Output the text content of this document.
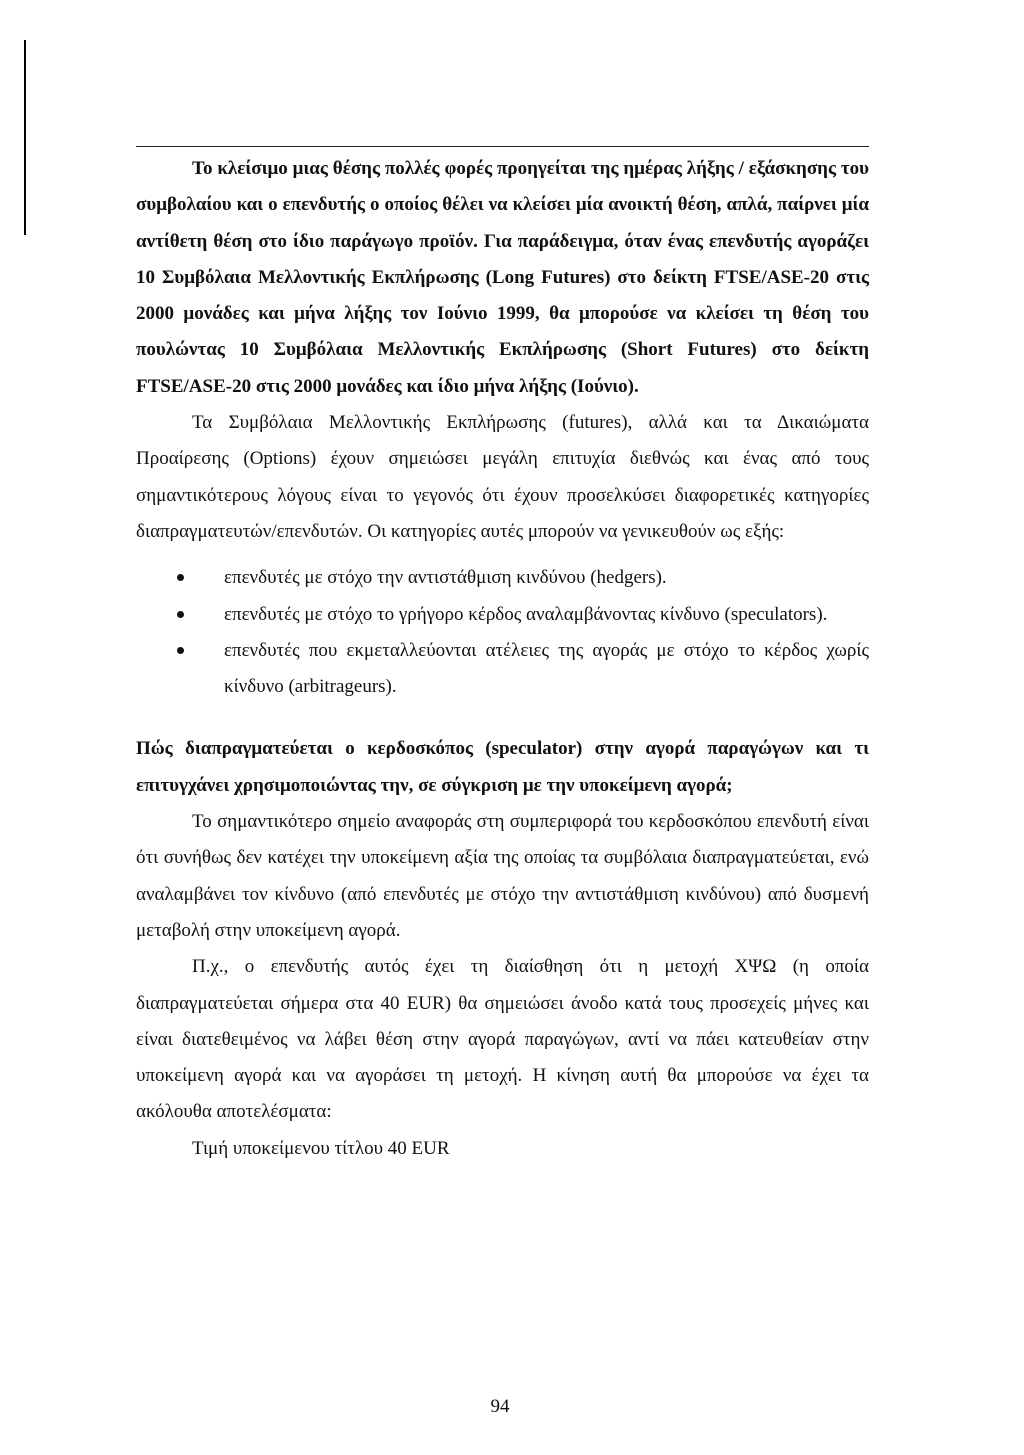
Το κλείσιμο μιας θέσης πολλές φορές προηγείται της ημέρας λήξης / εξάσκησης του συμβολαίου και ο επενδυτής ο οποίος θέλει να κλείσει μία ανοικτή θέση, απλά, παίρνει μία αντίθετη θέση στο ίδιο παράγωγο προϊόν. Για παράδειγμα, όταν ένας επενδυτής αγοράζει 10 Συμβόλαια Μελλοντικής Εκπλήρωσης (Long Futures) στο δείκτη FTSE/ASE-20 στις 2000 μονάδες και μήνα λήξης τον Ιούνιο 1999, θα μπορούσε να κλείσει τη θέση του πουλώντας 10 Συμβόλαια Μελλοντικής Εκπλήρωσης (Short Futures) στο δείκτη FTSE/ASE-20 στις 2000 μονάδες και ίδιο μήνα λήξης (Ιούνιο).

Τα Συμβόλαια Μελλοντικής Εκπλήρωσης (futures), αλλά και τα Δικαιώματα Προαίρεσης (Options) έχουν σημειώσει μεγάλη επιτυχία διεθνώς και ένας από τους σημαντικότερους λόγους είναι το γεγονός ότι έχουν προσελκύσει διαφορετικές κατηγορίες διαπραγματευτών/επενδυτών. Οι κατηγορίες αυτές μπορούν να γενικευθούν ως εξής:

επενδυτές με στόχο την αντιστάθμιση κινδύνου (hedgers).
επενδυτές με στόχο το γρήγορο κέρδος αναλαμβάνοντας κίνδυνο (speculators).
επενδυτές που εκμεταλλεύονται ατέλειες της αγοράς με στόχο το κέρδος χωρίς κίνδυνο (arbitrageurs).

Πώς διαπραγματεύεται ο κερδοσκόπος (speculator) στην αγορά παραγώγων και τι επιτυγχάνει χρησιμοποιώντας την, σε σύγκριση με την υποκείμενη αγορά;

Το σημαντικότερο σημείο αναφοράς στη συμπεριφορά του κερδοσκόπου επενδυτή είναι ότι συνήθως δεν κατέχει την υποκείμενη αξία της οποίας τα συμβόλαια διαπραγματεύεται, ενώ αναλαμβάνει τον κίνδυνο (από επενδυτές με στόχο την αντιστάθμιση κινδύνου) από δυσμενή μεταβολή στην υποκείμενη αγορά.

Π.χ., ο επενδυτής αυτός έχει τη διαίσθηση ότι η μετοχή ΧΨΩ (η οποία διαπραγματεύεται σήμερα στα 40 EUR) θα σημειώσει άνοδο κατά τους προσεχείς μήνες και είναι διατεθειμένος να λάβει θέση στην αγορά παραγώγων, αντί να πάει κατευθείαν στην υποκείμενη αγορά και να αγοράσει τη μετοχή. Η κίνηση αυτή θα μπορούσε να έχει τα ακόλουθα αποτελέσματα:

Τιμή υποκείμενου τίτλου 40 EUR

94
